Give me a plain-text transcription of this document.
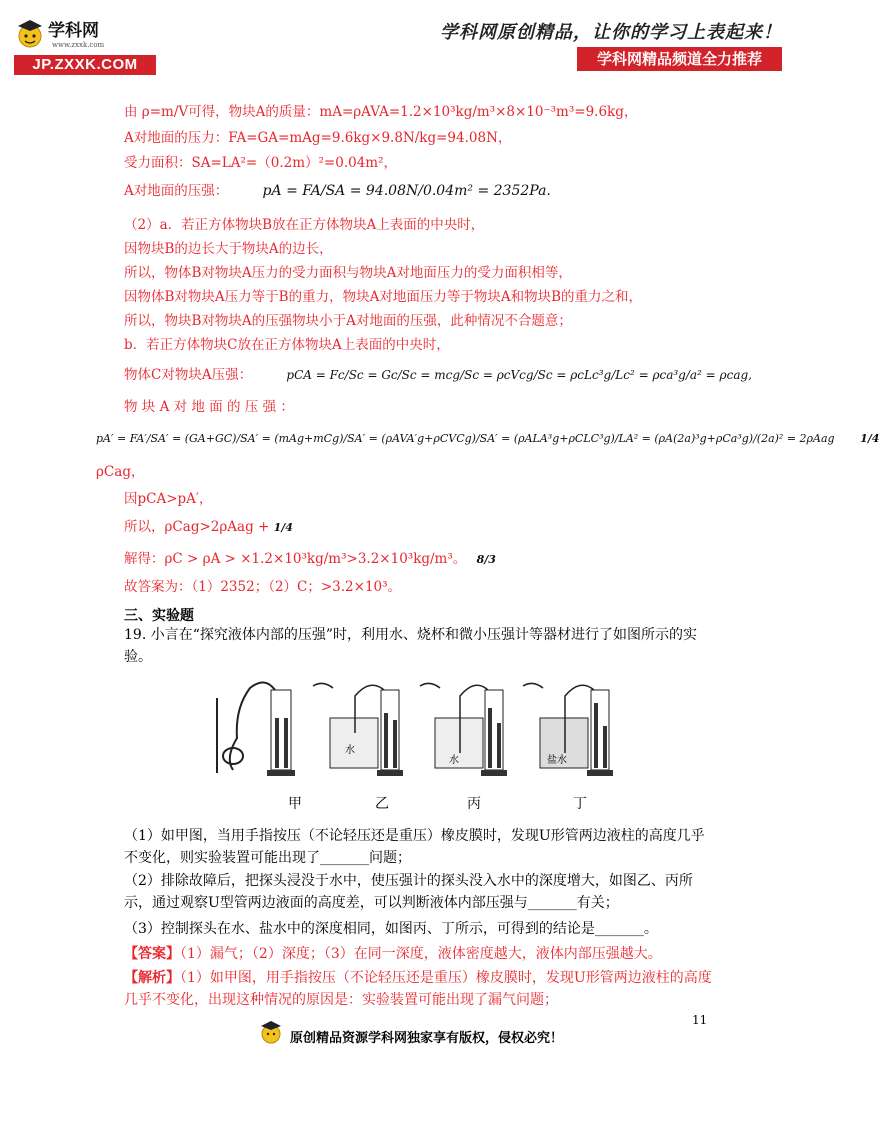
学科网
www.zxxk.com
JP.ZXXK.COM
学科网原创精品，让你的学习上表起来！
学科网精品频道全力推荐
由 ρ=m/V可得，物块A的质量：mA=ρAVA=1.2×10³kg/m³×8×10⁻³m³=9.6kg，
A对地面的压力：FA=GA=mAg=9.6kg×9.8N/kg=94.08N，
受力面积：SA=LA²=（0.2m）²=0.04m²，
A对地面的压强： pA = FA/SA = 94.08N/0.04m² = 2352Pa.
（2）a．若正方体物块B放在正方体物块A上表面的中央时，
因物块B的边长大于物块A的边长，
所以，物体B对物块A压力的受力面积与物块A对地面压力的受力面积相等，
因物体B对物块A压力等于B的重力，物块A对地面压力等于物块A和物块B的重力之和，
所以，物块B对物块A的压强物块小于A对地面的压强，此种情况不合题意；
b．若正方体物块C放在正方体物块A上表面的中央时，
物体C对物块A压强：	pCA = Fc/Sc = Gc/Sc = mcg/Sc = ρcVcg/Sc = ρcLc³g/Lc² = ρca³g/a² = ρcag,
物 块 A 对 地 面 的 压 强 ：
pA′ = FA′/SA′ = (GA+GC)/SA′ = (mAg+mCg)/SA′ = (ρAVA′g+ρCVCg)/SA′ = (ρALA³g+ρCLC³g)/LA² = (ρA(2a)³g+ρCa³g)/(2a)² = 2ρAag 1/4
ρCag，
因pCA>pA′，
所以，ρCag>2ρAag + 1/4
解得：ρC > ρA > ×1.2×10³kg/m³>3.2×10³kg/m³。 8/3
故答案为：（1）2352；（2）C；>3.2×10³。
三、实验题
19. 小言在“探究液体内部的压强”时，利用水、烧杯和微小压强计等器材进行了如图所示的实验。
水
水	盐水
甲	乙	丙	丁
（1）如甲图，当用手指按压（不论轻压还是重压）橡皮膜时，发现U形管两边液柱的高度几乎不变化，则实验装置可能出现了_______问题；
（2）排除故障后，把探头浸没于水中，使压强计的探头没入水中的深度增大，如图乙、丙所示，通过观察U型管两边液面的高度差，可以判断液体内部压强与_______有关；
（3）控制探头在水、盐水中的深度相同，如图丙、丁所示，可得到的结论是_______。
【答案】（1）漏气；（2）深度；（3）在同一深度，液体密度越大，液体内部压强越大。
【解析】（1）如甲图，用手指按压（不论轻压还是重压）橡皮膜时，发现U形管两边液柱的高度几乎不变化，出现这种情况的原因是：实验装置可能出现了漏气问题；
11
原创精品资源学科网独家享有版权，侵权必究！
